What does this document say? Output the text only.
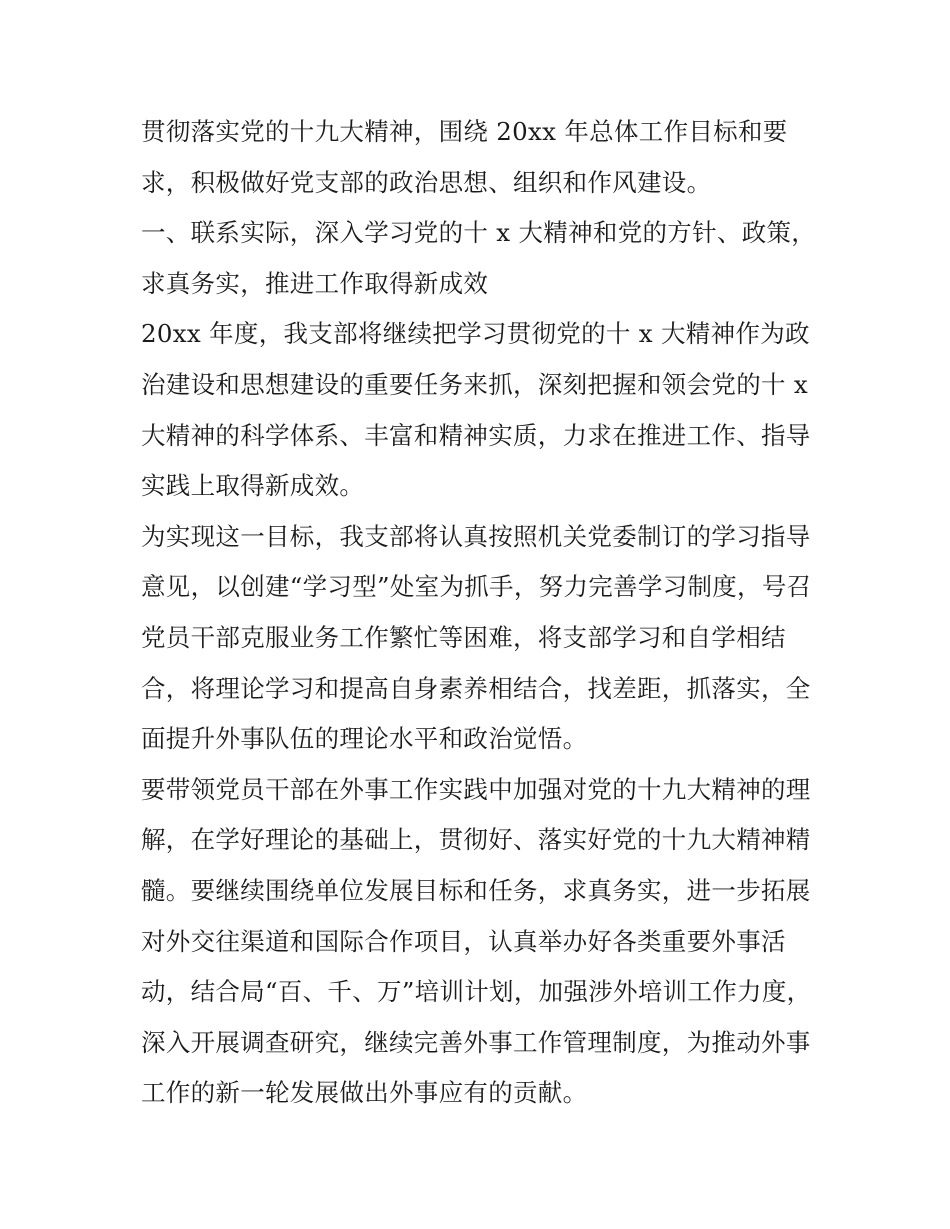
贯彻落实党的十九大精神，围绕 20xx 年总体工作目标和要
求，积极做好党支部的政治思想、组织和作风建设。
一、联系实际，深入学习党的十 x 大精神和党的方针、政策，
求真务实，推进工作取得新成效
20xx 年度，我支部将继续把学习贯彻党的十 x 大精神作为政
治建设和思想建设的重要任务来抓，深刻把握和领会党的十 x
大精神的科学体系、丰富和精神实质，力求在推进工作、指导
实践上取得新成效。
为实现这一目标，我支部将认真按照机关党委制订的学习指导
意见，以创建“学习型”处室为抓手，努力完善学习制度，号召
党员干部克服业务工作繁忙等困难，将支部学习和自学相结
合，将理论学习和提高自身素养相结合，找差距，抓落实，全
面提升外事队伍的理论水平和政治觉悟。
要带领党员干部在外事工作实践中加强对党的十九大精神的理
解，在学好理论的基础上，贯彻好、落实好党的十九大精神精
髓。要继续围绕单位发展目标和任务，求真务实，进一步拓展
对外交往渠道和国际合作项目，认真举办好各类重要外事活
动，结合局“百、千、万”培训计划，加强涉外培训工作力度，
深入开展调查研究，继续完善外事工作管理制度，为推动外事
工作的新一轮发展做出外事应有的贡献。
